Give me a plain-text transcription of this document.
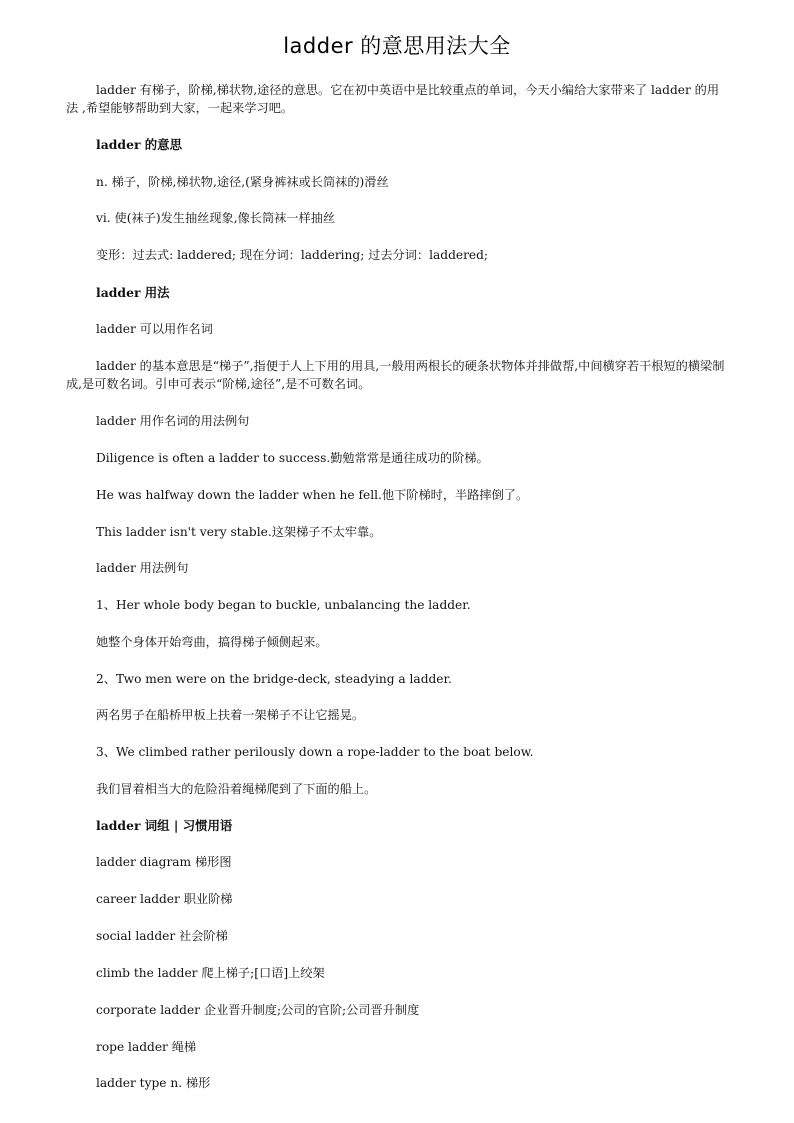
ladder 的意思用法大全
ladder 有梯子，阶梯,梯状物,途径的意思。它在初中英语中是比较重点的单词，今天小编给大家带来了 ladder 的用法 ,希望能够帮助到大家，一起来学习吧。
ladder 的意思
n. 梯子，阶梯,梯状物,途径,(紧身裤袜或长筒袜的)滑丝
vi. 使(袜子)发生抽丝现象,像长筒袜一样抽丝
变形：过去式: laddered; 现在分词：laddering; 过去分词：laddered;
ladder 用法
ladder 可以用作名词
ladder 的基本意思是“梯子”,指便于人上下用的用具,一般用两根长的硬条状物体并排做帮,中间横穿若干根短的横梁制成,是可数名词。引申可表示“阶梯,途径”,是不可数名词。
ladder 用作名词的用法例句
Diligence is often a ladder to success.勤勉常常是通往成功的阶梯。
He was halfway down the ladder when he fell.他下阶梯时，半路摔倒了。
This ladder isn't very stable.这架梯子不太牢靠。
ladder 用法例句
1、Her whole body began to buckle, unbalancing the ladder.
她整个身体开始弯曲，搞得梯子倾侧起来。
2、Two men were on the bridge-deck, steadying a ladder.
两名男子在船桥甲板上扶着一架梯子不让它摇晃。
3、We climbed rather perilously down a rope-ladder to the boat below.
我们冒着相当大的危险沿着绳梯爬到了下面的船上。
ladder 词组 | 习惯用语
ladder diagram 梯形图
career ladder 职业阶梯
social ladder 社会阶梯
climb the ladder 爬上梯子;[口语]上绞架
corporate ladder 企业晋升制度;公司的官阶;公司晋升制度
rope ladder 绳梯
ladder type n. 梯形
